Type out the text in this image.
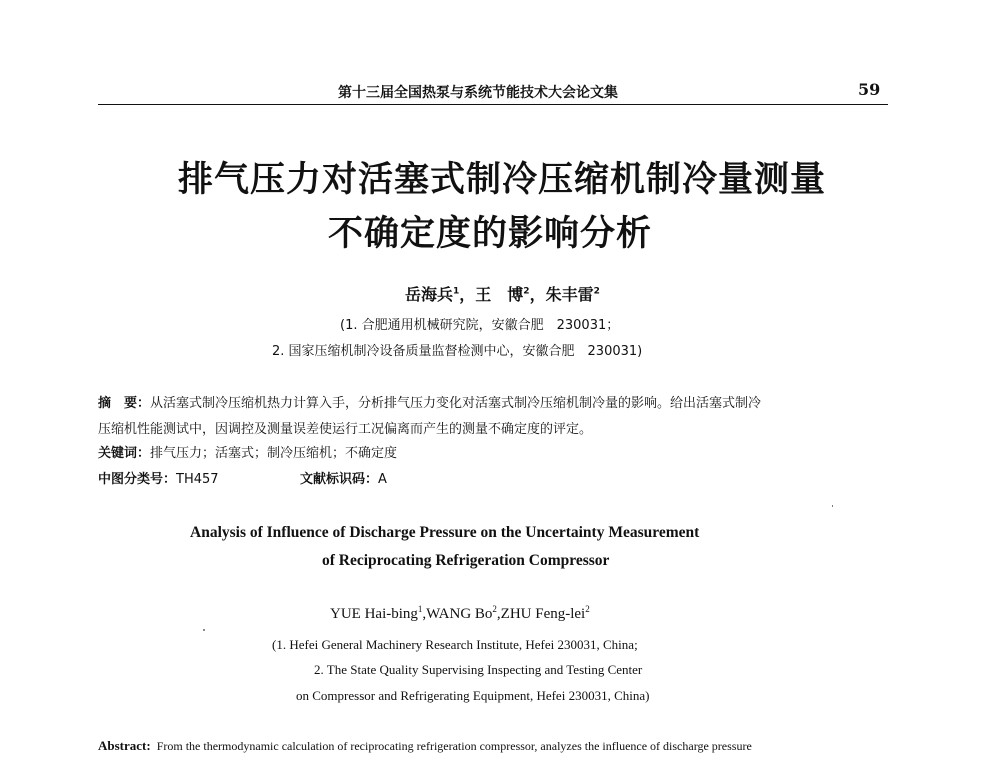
第十三届全国热泵与系统节能技术大会论文集	59
排气压力对活塞式制冷压缩机制冷量测量
不确定度的影响分析
岳海兵$^1$，王　博$^2$，朱丰雷$^2$
(1. 合肥通用机械研究院，安徽合肥　230031；
2. 国家压缩机制冷设备质量监督检测中心，安徽合肥　230031)
摘　要：从活塞式制冷压缩机热力计算入手，分析排气压力变化对活塞式制冷压缩机制冷量的影响。给出活塞式制冷
压缩机性能测试中，因调控及测量误差使运行工况偏离而产生的测量不确定度的评定。
关键词：排气压力；活塞式；制冷压缩机；不确定度
中图分类号：TH457	文献标识码：A
Analysis of Influence of Discharge Pressure on the Uncertainty Measurement
of Reciprocating Refrigeration Compressor
YUE Hai-bing$^1$,WANG Bo$^2$,ZHU Feng-lei$^2$
(1. Hefei General Machinery Research Institute, Hefei 230031, China;
2. The State Quality Supervising Inspecting and Testing Center
on Compressor and Refrigerating Equipment, Hefei 230031, China)
Abstract: From the thermodynamic calculation of reciprocating refrigeration compressor, analyzes the influence of discharge pressure
